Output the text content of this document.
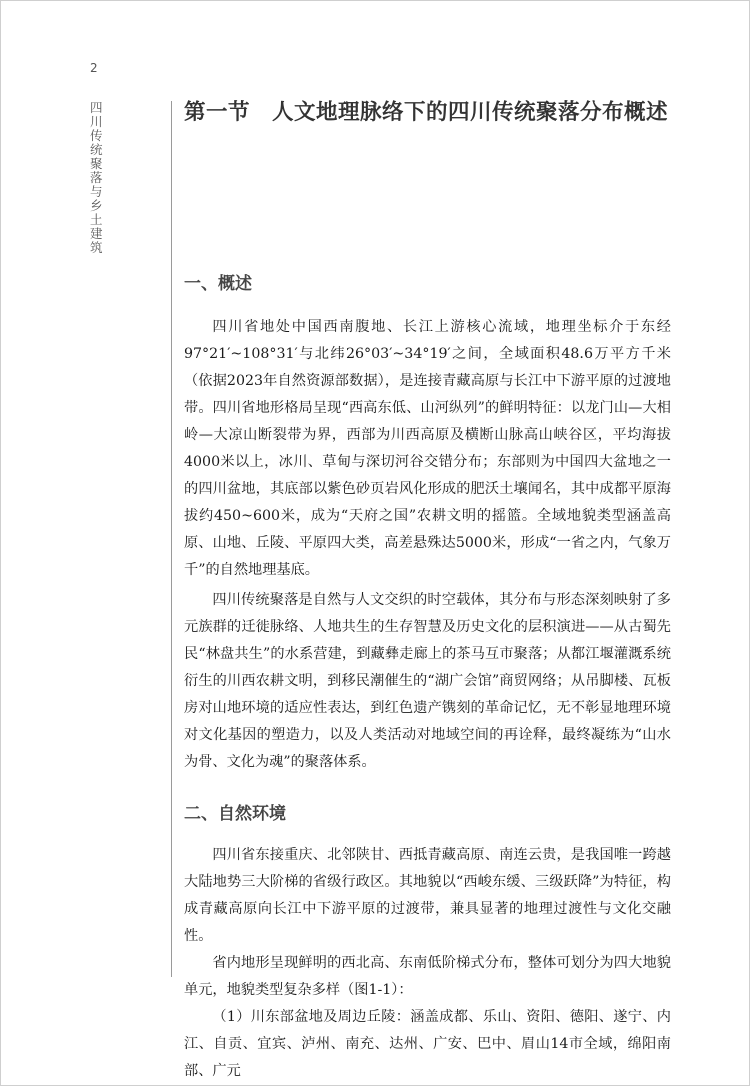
2
四川传统聚落与乡土建筑
第一节　人文地理脉络下的四川传统聚落分布概述
一、概述

四川省地处中国西南腹地、长江上游核心流域，地理坐标介于东经97°21′~108°31′与北纬26°03′~34°19′之间，全域面积48.6万平方千米（依据2023年自然资源部数据），是连接青藏高原与长江中下游平原的过渡地带。四川省地形格局呈现“西高东低、山河纵列”的鲜明特征：以龙门山—大相岭—大凉山断裂带为界，西部为川西高原及横断山脉高山峡谷区，平均海拔4000米以上，冰川、草甸与深切河谷交错分布；东部则为中国四大盆地之一的四川盆地，其底部以紫色砂页岩风化形成的肥沃土壤闻名，其中成都平原海拔约450~600米，成为“天府之国”农耕文明的摇篮。全域地貌类型涵盖高原、山地、丘陵、平原四大类，高差悬殊达5000米，形成“一省之内，气象万千”的自然地理基底。

四川传统聚落是自然与人文交织的时空载体，其分布与形态深刻映射了多元族群的迁徙脉络、人地共生的生存智慧及历史文化的层积演进——从古蜀先民“林盘共生”的水系营建，到藏彝走廊上的茶马互市聚落；从都江堰灌溉系统衍生的川西农耕文明，到移民潮催生的“湖广会馆”商贸网络；从吊脚楼、瓦板房对山地环境的适应性表达，到红色遗产镌刻的革命记忆，无不彰显地理环境对文化基因的塑造力，以及人类活动对地域空间的再诠释，最终凝练为“山水为骨、文化为魂”的聚落体系。

二、自然环境

四川省东接重庆、北邻陕甘、西抵青藏高原、南连云贵，是我国唯一跨越大陆地势三大阶梯的省级行政区。其地貌以“西峻东缓、三级跃降”为特征，构成青藏高原向长江中下游平原的过渡带，兼具显著的地理过渡性与文化交融性。

省内地形呈现鲜明的西北高、东南低阶梯式分布，整体可划分为四大地貌单元，地貌类型复杂多样（图1-1）：

（1）川东部盆地及周边丘陵：涵盖成都、乐山、资阳、德阳、遂宁、内江、自贡、宜宾、泸州、南充、达州、广安、巴中、眉山14市全域，绵阳南部、广元
